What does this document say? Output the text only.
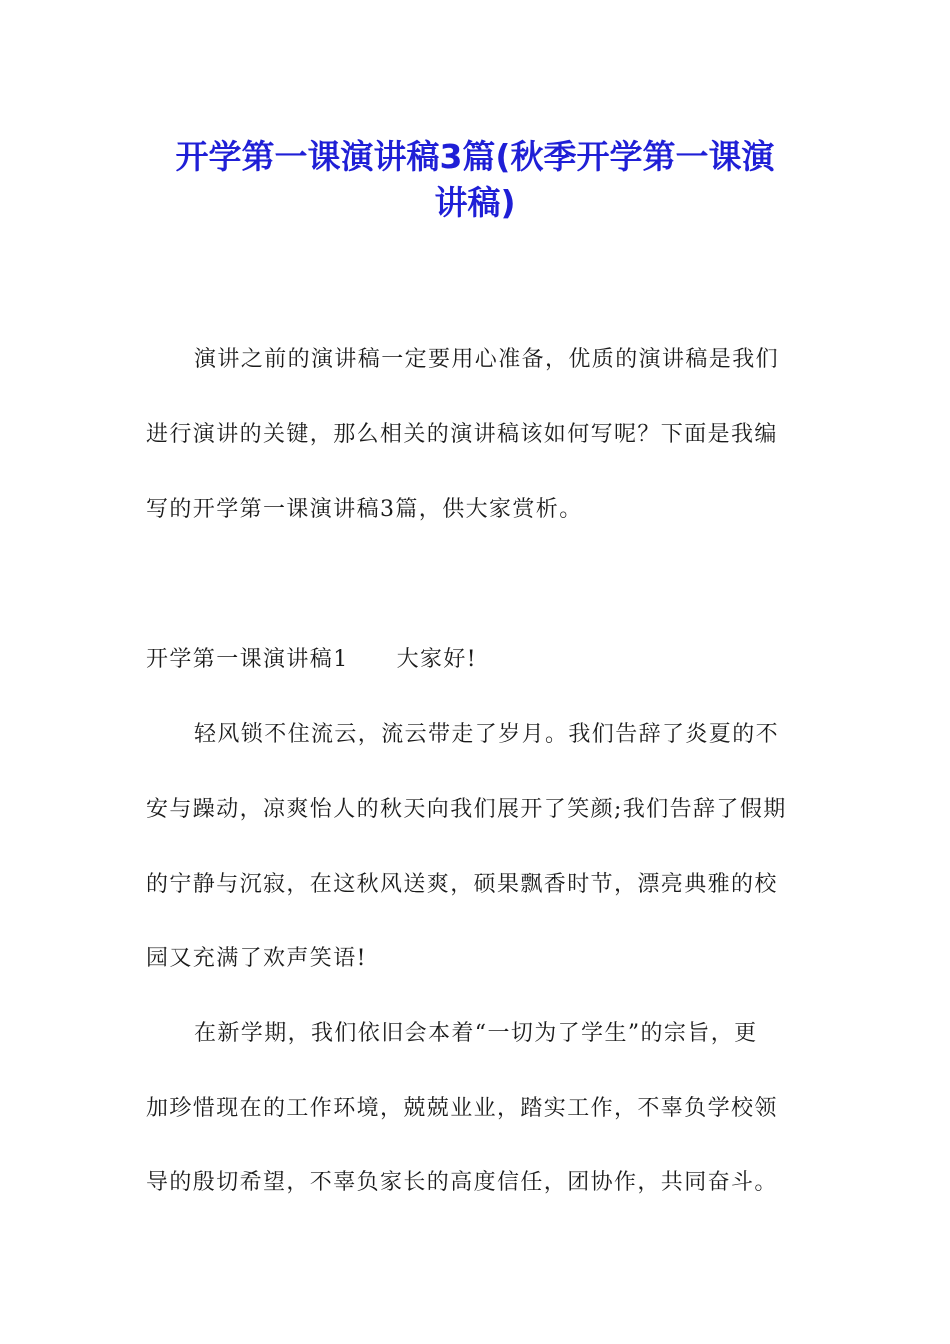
开学第一课演讲稿3篇(秋季开学第一课演
讲稿)

演讲之前的演讲稿一定要用心准备，优质的演讲稿是我们

进行演讲的关键，那么相关的演讲稿该如何写呢？下面是我编

写的开学第一课演讲稿3篇，供大家赏析。

开学第一课演讲稿1 大家好!

轻风锁不住流云，流云带走了岁月。我们告辞了炎夏的不

安与躁动，凉爽怡人的秋天向我们展开了笑颜;我们告辞了假期

的宁静与沉寂，在这秋风送爽，硕果飘香时节，漂亮典雅的校

园又充满了欢声笑语!

在新学期，我们依旧会本着“一切为了学生”的宗旨，更

加珍惜现在的工作环境，兢兢业业，踏实工作，不辜负学校领

导的殷切希望，不辜负家长的高度信任，团协作，共同奋斗。
